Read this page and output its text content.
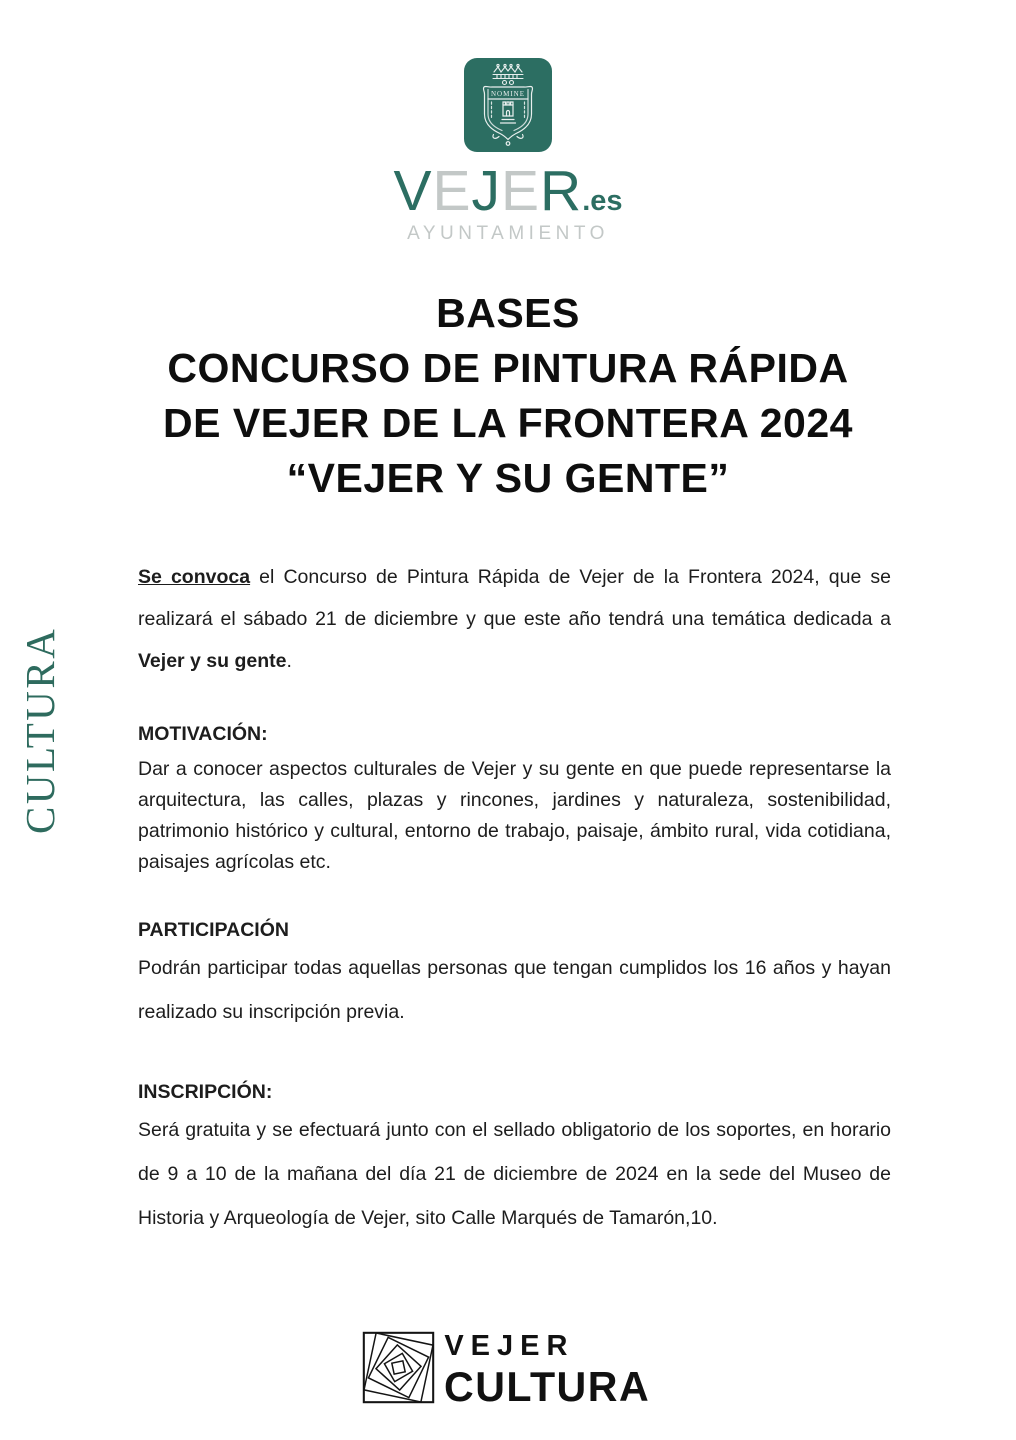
NOMINE
VEJER.es
AYUNTAMIENTO
CULTURA
BASES
CONCURSO DE PINTURA RÁPIDA
DE VEJER DE LA FRONTERA 2024
“VEJER Y SU GENTE”

Se convoca el Concurso de Pintura Rápida de Vejer de la Frontera 2024, que se realizará el sábado 21 de diciembre y que este año tendrá una temática dedicada a Vejer y su gente.

MOTIVACIÓN:

Dar a conocer aspectos culturales de Vejer y su gente en que puede representarse la arquitectura, las calles, plazas y rincones, jardines y naturaleza, sostenibilidad, patrimonio histórico y cultural, entorno de trabajo, paisaje, ámbito rural, vida cotidiana, paisajes agrícolas etc.

PARTICIPACIÓN

Podrán participar todas aquellas personas que tengan cumplidos los 16 años y hayan realizado su inscripción previa.

INSCRIPCIÓN:

Será gratuita y se efectuará junto con el sellado obligatorio de los soportes, en horario de 9 a 10 de la mañana del día 21 de diciembre de 2024 en la sede del Museo de Historia y Arqueología de Vejer, sito Calle Marqués de Tamarón,10.

VEJER
CULTURA
